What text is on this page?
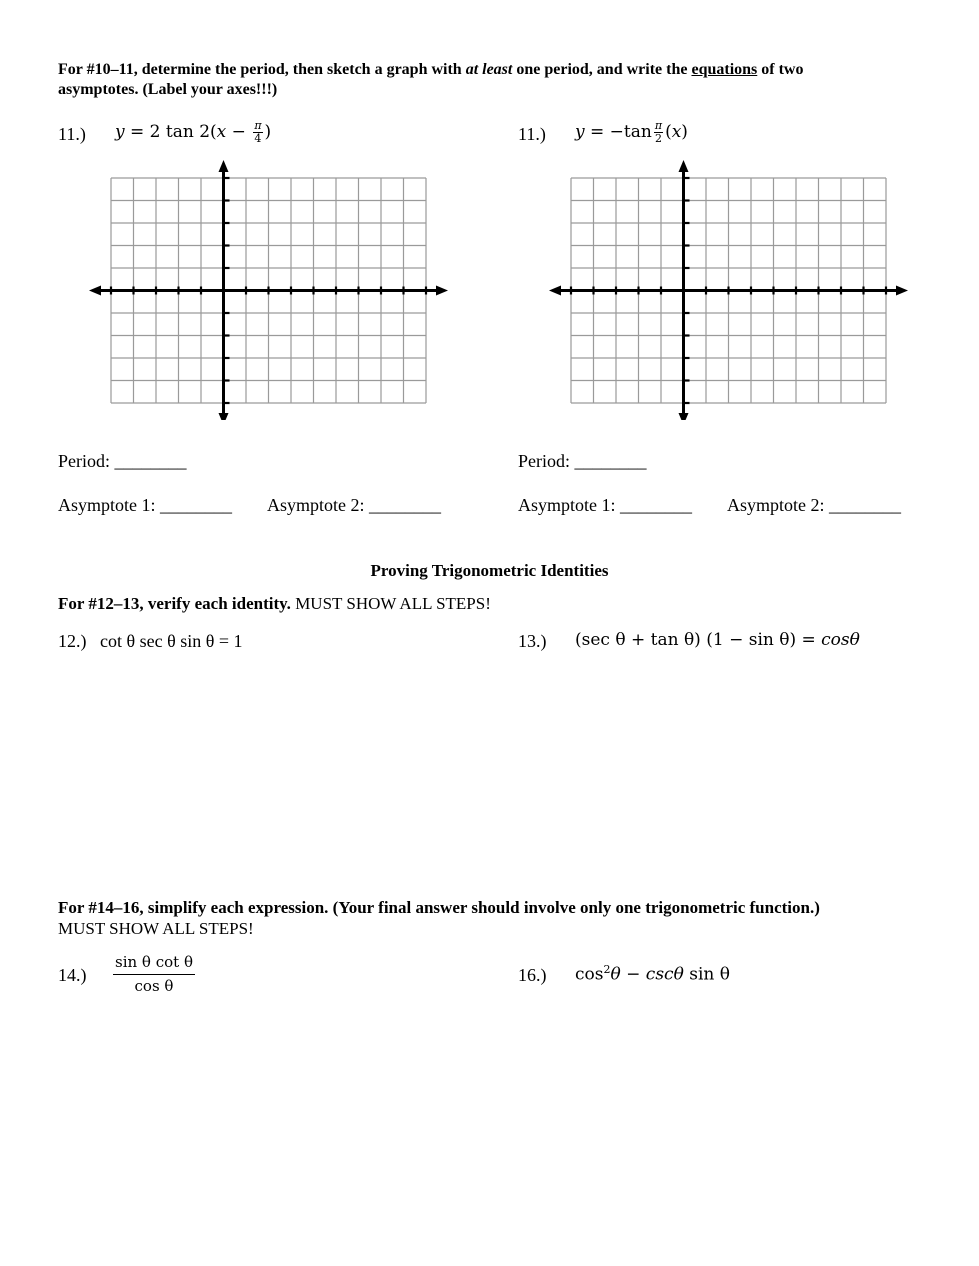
For #10–11, determine the period, then sketch a graph with at least one period, and write the equations of two
asymptotes. (Label your axes!!!)
11.) y = 2 $\tan 2(x - \frac{\pi}{4}$ )	11.) $y = -\tan \frac{\pi}{2} (x)$
Period: ________
Asymptote 1: ________ Asymptote 2: ________
Period: ________
Asymptote 1: ________ Asymptote 2: ________
Proving Trigonometric Identities
For #12–13, verify each identity. MUST SHOW ALL STEPS!
12.) cot θ sec θ sin θ = 1	13.) (sec θ + tan θ) (1 − sin θ) = cosθ
For #14–16, simplify each expression. (Your final answer should involve only one trigonometric function.)
MUST SHOW ALL STEPS!
$14.) \frac{\text{sin θ cot θ}}{\text{cos θ}}$	16.) $\cos^2\theta - \csc\theta$ sin θ
